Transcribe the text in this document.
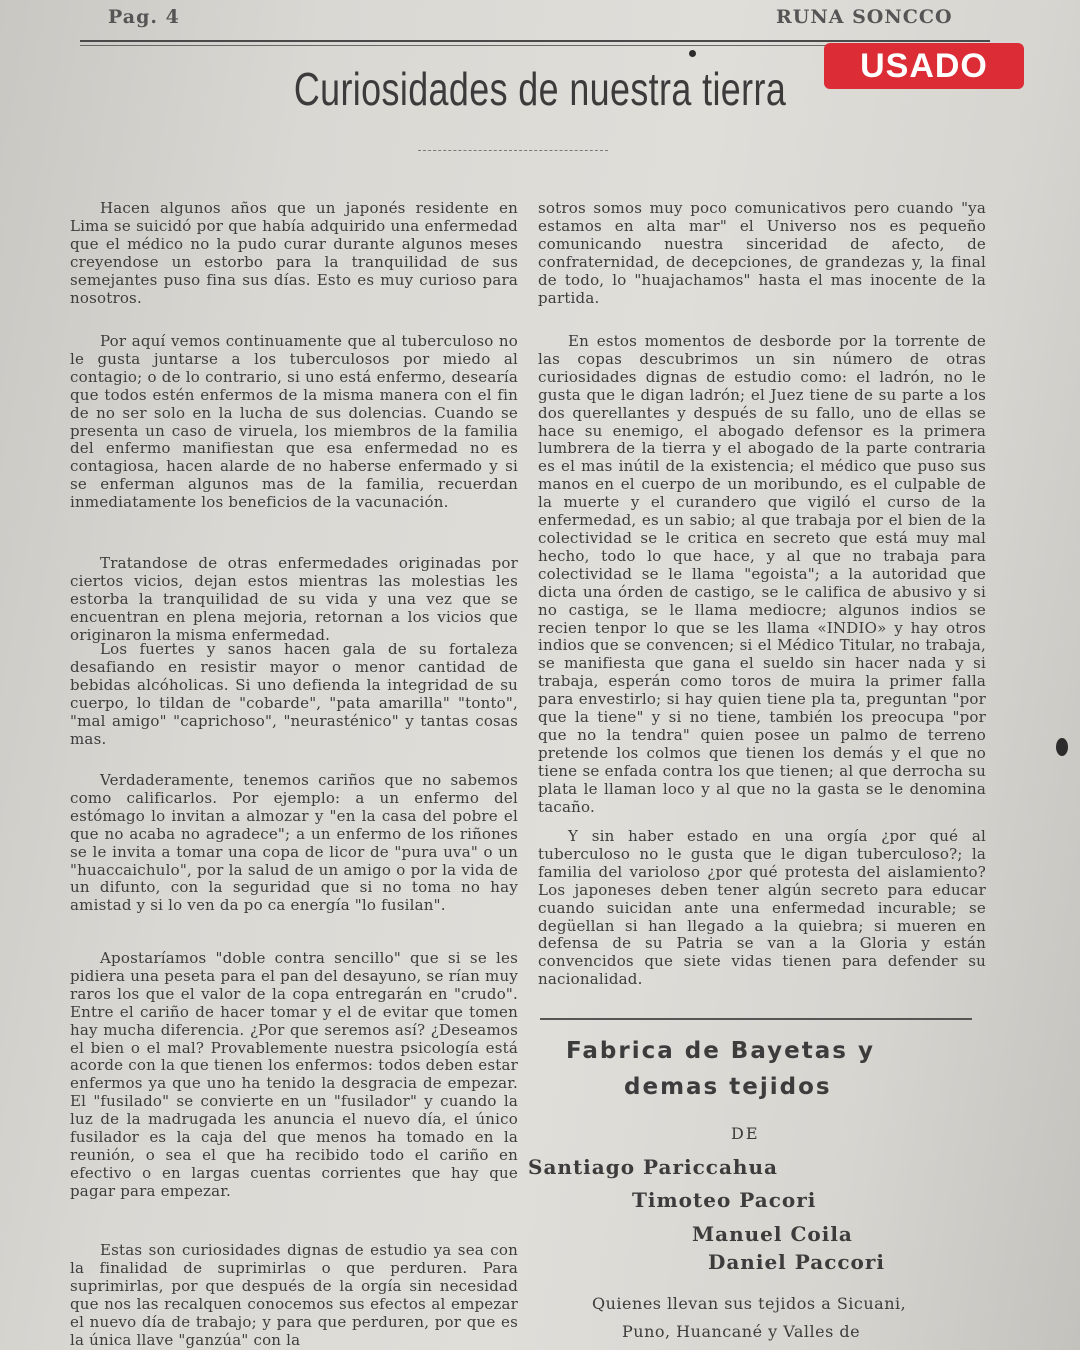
Pag. 4	RUNA SONCCO
USADO
Curiosidades de nuestra tierra

Hacen algunos años que un japonés residente en Lima se suicidó por que había adquirido una enfermedad que el médico no la pudo curar durante algunos meses creyendose un estorbo para la tranquilidad de sus semejantes puso fina sus días. Esto es muy curioso para nosotros.

Por aquí vemos continuamente que al tuberculoso no le gusta juntarse a los tuberculosos por miedo al contagio; o de lo contrario, si uno está enfermo, desearía que todos estén enfermos de la misma manera con el fin de no ser solo en la lucha de sus dolencias. Cuando se presenta un caso de viruela, los miembros de la familia del enfermo manifiestan que esa enfermedad no es contagiosa, hacen alarde de no haberse enfermado y si se enferman algunos mas de la familia, recuerdan inmediatamente los beneficios de la vacunación.

Tratandose de otras enfermedades originadas por ciertos vicios, dejan estos mientras las molestias les estorba la tranquilidad de su vida y una vez que se encuentran en plena mejoria, retornan a los vicios que originaron la misma enfermedad.

Los fuertes y sanos hacen gala de su fortaleza desafiando en resistir mayor o menor cantidad de bebidas alcóholicas. Si uno defienda la integridad de su cuerpo, lo tildan de "cobarde", "pata amarilla" "tonto", "mal amigo" "caprichoso", "neurasténico" y tantas cosas mas.

Verdaderamente, tenemos cariños que no sabemos como calificarlos. Por ejemplo: a un enfermo del estómago lo invitan a almozar y "en la casa del pobre el que no acaba no agradece"; a un enfermo de los riñones se le invita a tomar una copa de licor de "pura uva" o un "huaccaichulo", por la salud de un amigo o por la vida de un difunto, con la seguridad que si no toma no hay amistad y si lo ven da po ca energía "lo fusilan".

Apostaríamos "doble contra sencillo" que si se les pidiera una peseta para el pan del desayuno, se rían muy raros los que el valor de la copa entregarán en "crudo". Entre el cariño de hacer tomar y el de evitar que tomen hay mucha diferencia. ¿Por que seremos así? ¿Deseamos el bien o el mal? Provablemente nuestra psicología está acorde con la que tienen los enfermos: todos deben estar enfermos ya que uno ha tenido la desgracia de empezar. El "fusilado" se convierte en un "fusilador" y cuando la luz de la madrugada les anuncia el nuevo día, el único fusilador es la caja del que menos ha tomado en la reunión, o sea el que ha recibido todo el cariño en efectivo o en largas cuentas corrientes que hay que pagar para empezar.

Estas son curiosidades dignas de estudio ya sea con la finalidad de suprimirlas o que perduren. Para suprimirlas, por que después de la orgía sin necesidad que nos las recalquen conocemos sus efectos al empezar el nuevo día de trabajo; y para que perduren, por que es la única llave "ganzúa" con la

sotros somos muy poco comunicativos pero cuando "ya estamos en alta mar" el Universo nos es pequeño comunicando nuestra sinceridad de afecto, de confraternidad, de decepciones, de grandezas y, la final de todo, lo "huajachamos" hasta el mas inocente de la partida.

En estos momentos de desborde por la torrente de las copas descubrimos un sin número de otras curiosidades dignas de estudio como: el ladrón, no le gusta que le digan ladrón; el Juez tiene de su parte a los dos querellantes y después de su fallo, uno de ellas se hace su enemigo, el abogado defensor es la primera lumbrera de la tierra y el abogado de la parte contraria es el mas inútil de la existencia; el médico que puso sus manos en el cuerpo de un moribundo, es el culpable de la muerte y el curandero que vigiló el curso de la enfermedad, es un sabio; al que trabaja por el bien de la colectividad se le critica en secreto que está muy mal hecho, todo lo que hace, y al que no trabaja para colectividad se le llama "egoista"; a la autoridad que dicta una órden de castigo, se le califica de abusivo y si no castiga, se le llama mediocre; algunos indios se recien tenpor lo que se les llama «INDIO» y hay otros indios que se convencen; si el Médico Titular, no trabaja, se manifiesta que gana el sueldo sin hacer nada y si trabaja, esperán como toros de muira la primer falla para envestirlo; si hay quien tiene pla ta, preguntan "por que la tiene" y si no tiene, también los preocupa "por que no la tendra" quien posee un palmo de terreno pretende los colmos que tienen los demás y el que no tiene se enfada contra los que tienen; al que derrocha su plata le llaman loco y al que no la gasta se le denomina tacaño.

Y sin haber estado en una orgía ¿por qué al tuberculoso no le gusta que le digan tuberculoso?; la familia del varioloso ¿por qué protesta del aislamiento? Los japoneses deben tener algún secreto para educar cuando suicidan ante una enfermedad incurable; se degüellan si han llegado a la quiebra; si mueren en defensa de su Patria se van a la Gloria y están convencidos que siete vidas tienen para defender su nacionalidad.

Fabrica de Bayetas y
demas tejidos
DE
Santiago Pariccahua
Timoteo Pacori
Manuel Coila
Daniel Paccori
Quienes llevan sus tejidos a Sicuani,
Puno, Huancané y Valles de
